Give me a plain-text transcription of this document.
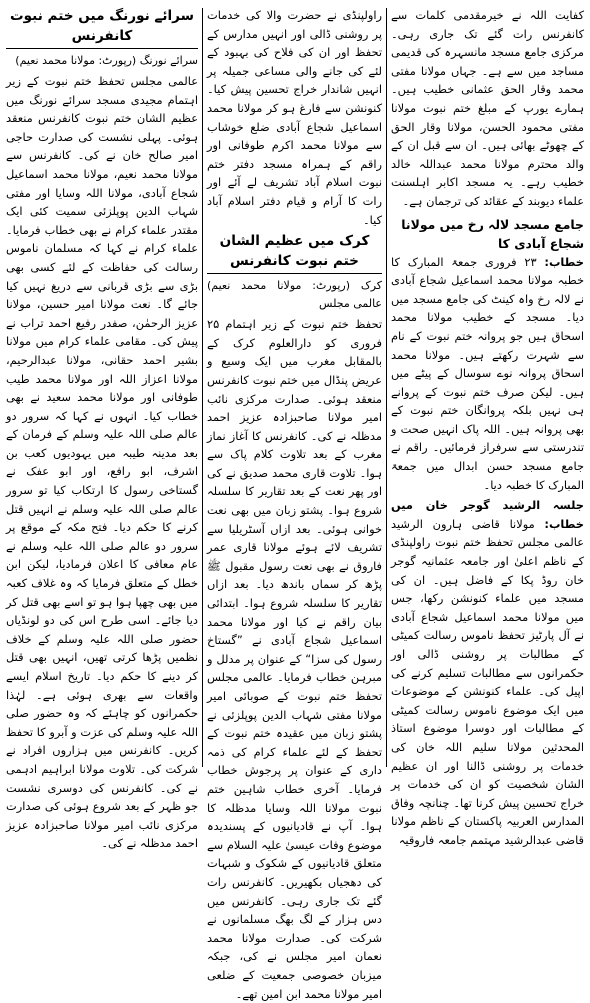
کفایت اللہ نے خیرمقدمی کلمات سے کانفرنس رات گئے تک جاری رہی۔ مرکزی جامع مسجد مانسہرہ کی قدیمی مساجد میں سے ہے۔ جہاں مولانا مفتی محمد وقار الحق عثمانی خطیب ہیں۔ ہمارے یورپ کے مبلغ ختم نبوت مولانا مفتی محمود الحسن، مولانا وقار الحق کے چھوٹے بھائی ہیں۔ ان سے قبل ان کے والد محترم مولانا محمد عبداللہ خالد خطیب رہے۔ یہ مسجد اکابر اہلسنت علماء دیوبند کے عقائد کی ترجمان ہے۔

جامع مسجد لالہ رخ میں مولانا شجاع آبادی کا

خطاب: ۲۳ فروری جمعۃ المبارک کا خطبہ مولانا محمد اسماعیل شجاع آبادی نے لالہ رخ واہ کینٹ کی جامع مسجد میں دیا۔ مسجد کے خطیب مولانا محمد اسحاق ہیں جو پروانہ ختم نبوت کے نام سے شہرت رکھتے ہیں۔ مولانا محمد اسحاق پروانہ نوے سوسال کے پیٹے میں ہیں۔ لیکن صرف ختم نبوت کے پروانے ہی نہیں بلکہ پروانگان ختم نبوت کے بھی پروانہ ہیں۔ اللہ پاک انہیں صحت و تندرستی سے سرفراز فرمائیں۔ راقم نے جامع مسجد حسن ابدال میں جمعۃ المبارک کا خطبہ دیا۔

جلسہ الرشید گوجر خان میں خطاب: مولانا قاضی ہارون الرشید عالمی مجلس تحفظ ختم نبوت راولپنڈی کے ناظم اعلیٰ اور جامعہ عثمانیہ گوجر خان روڈ پکا کے فاضل ہیں۔ ان کی مسجد میں علماء کنونشن رکھا، جس میں مولانا محمد اسماعیل شجاع آبادی نے آل پارٹیز تحفظ ناموس رسالت کمیٹی کے مطالبات پر روشنی ڈالی اور حکمرانوں سے مطالبات تسلیم کرنے کی اپیل کی۔ علماء کنونشن کے موضوعات میں ایک موضوع ناموس رسالت کمیٹی کے مطالبات اور دوسرا موضوع استاذ المحدثین مولانا سلیم اللہ خان کی خدمات پر روشنی ڈالنا اور ان عظیم الشان شخصیت کو ان کی خدمات پر خراج تحسین پیش کرنا تھا۔ چنانچہ وفاق المدارس العربیہ پاکستان کے ناظم مولانا قاضی عبدالرشید مہتمم جامعہ فاروقیہ

راولپنڈی نے حضرت والا کی خدمات پر روشنی ڈالی اور انہیں مدارس کے تحفظ اور ان کی فلاح کی بہبود کے لئے کی جانے والی مساعی جمیلہ پر انہیں شاندار خراج تحسین پیش کیا۔ کنونشن سے فارغ ہو کر مولانا محمد اسماعیل شجاع آبادی ضلع خوشاب سے مولانا محمد اکرم طوفانی اور راقم کے ہمراہ مسجد دفتر ختم نبوت اسلام آباد تشریف لے آئے اور رات کا آرام و قیام دفتر اسلام آباد کیا۔

کرک میں عظیم الشان ختم نبوت کانفرنس

کرک (رپورٹ: مولانا محمد نعیم) عالمی مجلس

تحفظ ختم نبوت کے زیر اہتمام ۲۵ فروری کو دارالعلوم کرک کے بالمقابل مغرب میں ایک وسیع و عریض پنڈال میں ختم نبوت کانفرنس منعقد ہوئی۔ صدارت مرکزی نائب امیر مولانا صاحبزادہ عزیز احمد مدظلہ نے کی۔ کانفرنس کا آغاز نماز مغرب کے بعد تلاوت کلام پاک سے ہوا۔ تلاوت قاری محمد صدیق نے کی اور پھر نعت کے بعد تقاریر کا سلسلہ شروع ہوا۔ پشتو زبان میں بھی نعت خوانی ہوئی۔ بعد ازاں آسٹریلیا سے تشریف لائے ہوئے مولانا قاری عمر فاروق نے بھی نعت رسول مقبول ﷺ پڑھ کر سماں باندھ دیا۔ بعد ازاں تقاریر کا سلسلہ شروع ہوا۔ ابتدائی بیان راقم نے کیا اور مولانا محمد اسماعیل شجاع آبادی نے ”گستاخ رسول کی سزا“ کے عنوان پر مدلل و مبرہن خطاب فرمایا۔ عالمی مجلس تحفظ ختم نبوت کے صوبائی امیر مولانا مفتی شہاب الدین پوپلزئی نے پشتو زبان میں عقیدہ ختم نبوت کے تحفظ کے لئے علماء کرام کی ذمہ داری کے عنوان پر پرجوش خطاب فرمایا۔ آخری خطاب شاہین ختم نبوت مولانا اللہ وسایا مدظلہ کا ہوا۔ آپ نے قادیانیوں کے پسندیدہ موضوع وفات عیسیٰ علیہ السلام سے متعلق قادیانیوں کے شکوک و شبہات کی دھجیاں بکھیریں۔ کانفرنس رات گئے تک جاری رہی۔ کانفرنس میں دس ہزار کے لگ بھگ مسلمانوں نے شرکت کی۔ صدارت مولانا محمد نعمان امیر مجلس نے کی، جبکہ میزبان خصوصی جمعیت کے ضلعی امیر مولانا محمد ابن امین تھے۔

سرائے نورنگ میں ختم نبوت کانفرنس

سرائے نورنگ (رپورٹ: مولانا محمد نعیم)

عالمی مجلس تحفظ ختم نبوت کے زیر اہتمام مجیدی مسجد سرائے نورنگ میں عظیم الشان ختم نبوت کانفرنس منعقد ہوئی۔ پہلی نشست کی صدارت حاجی امیر صالح خان نے کی۔ کانفرنس سے مولانا محمد نعیم، مولانا محمد اسماعیل شجاع آبادی، مولانا اللہ وسایا اور مفتی شہاب الدین پوپلزئی سمیت کئی ایک مقتدر علماء کرام نے بھی خطاب فرمایا۔ علماء کرام نے کہا کہ مسلمان ناموس رسالت کی حفاظت کے لئے کسی بھی بڑی سے بڑی قربانی سے دریغ نہیں کیا جائے گا۔ نعت مولانا امیر حسین، مولانا عزیز الرحمٰن، صفدر رفیع احمد تراب نے پیش کی۔ مقامی علماء کرام میں مولانا بشیر احمد حقانی، مولانا عبدالرحیم، مولانا اعزاز اللہ اور مولانا محمد طیب طوفانی اور مولانا محمد سعید نے بھی خطاب کیا۔ انہوں نے کہا کہ سرور دو عالم صلی اللہ علیہ وسلم کے فرمان کے بعد مدینہ طیبہ میں یہودیوں کعب بن اشرف، ابو رافع، اور ابو عفک نے گستاخی رسول کا ارتکاب کیا تو سرور عالم صلی اللہ علیہ وسلم نے انہیں قتل کرنے کا حکم دیا۔ فتح مکہ کے موقع پر سرور دو عالم صلی اللہ علیہ وسلم نے عام معافی کا اعلان فرمادیا، لیکن ابن خطل کے متعلق فرمایا کہ وہ غلاف کعبہ میں بھی چھپا ہوا ہو تو اسے بھی قتل کر دیا جائے۔ اسی طرح اس کی دو لونڈیاں حضور صلی اللہ علیہ وسلم کے خلاف نظمیں پڑھا کرتی تھیں، انہیں بھی قتل کر دینے کا حکم دیا۔ تاریخ اسلام ایسے واقعات سے بھری ہوئی ہے۔ لہٰذا حکمرانوں کو چاہئے کہ وہ حضور صلی اللہ علیہ وسلم کی عزت و آبرو کا تحفظ کریں۔ کانفرنس میں ہزاروں افراد نے شرکت کی۔ تلاوت مولانا ابراہیم ادہمی نے کی۔ کانفرنس کی دوسری نشست جو ظہر کے بعد شروع ہوئی کی صدارت مرکزی نائب امیر مولانا صاحبزادہ عزیز احمد مدظلہ نے کی۔
